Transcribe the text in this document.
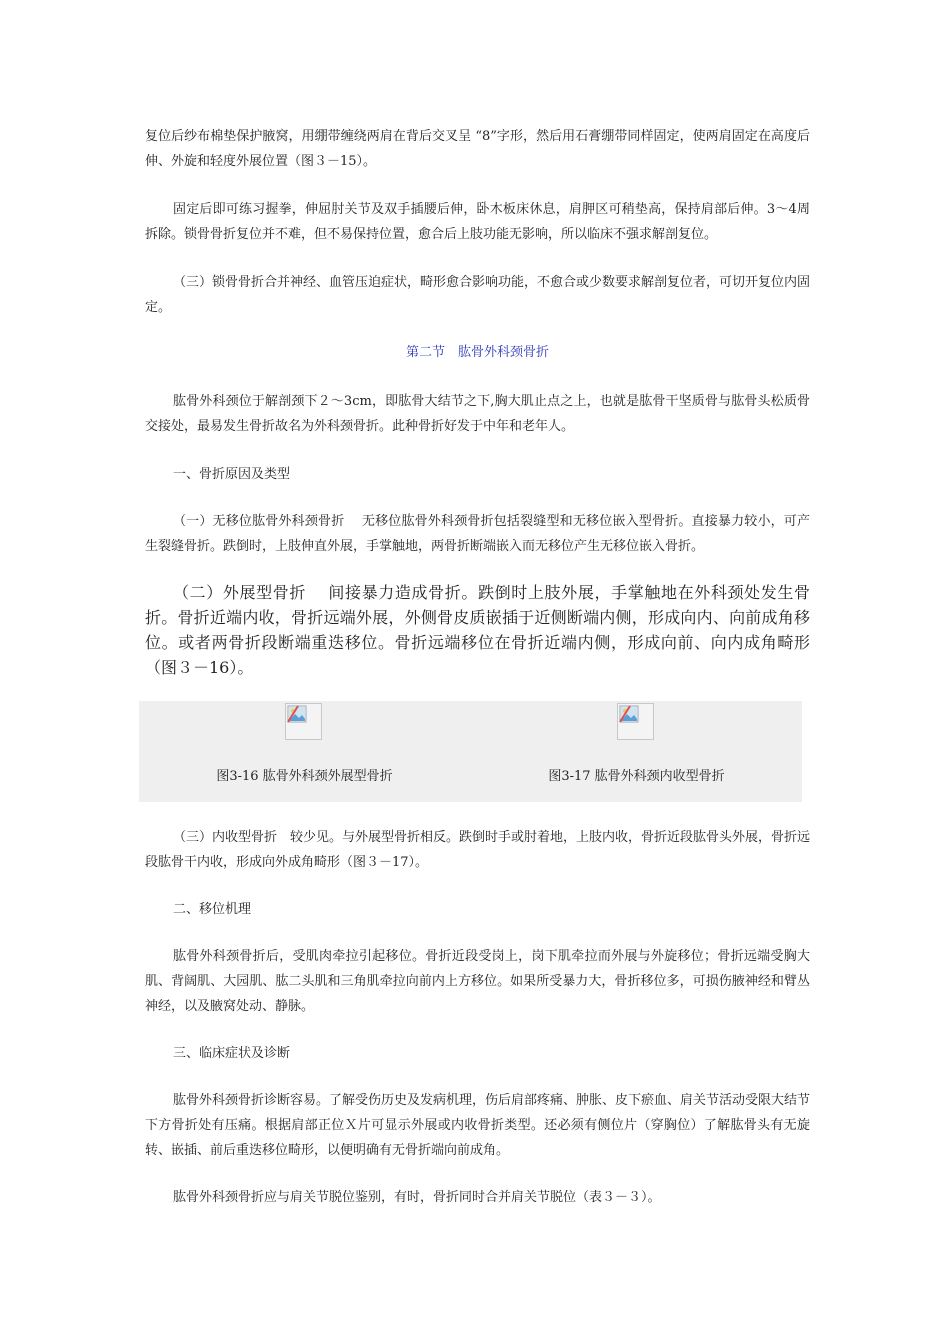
复位后纱布棉垫保护腋窝，用绷带缠绕两肩在背后交叉呈 “8”字形，然后用石膏绷带同样固定，使两肩固定在高度后伸、外旋和轻度外展位置（图３－15）。

固定后即可练习握拳，伸屈肘关节及双手插腰后伸，卧木板床休息，肩胛区可稍垫高，保持肩部后伸。3～4周拆除。锁骨骨折复位并不难，但不易保持位置，愈合后上肢功能无影响，所以临床不强求解剖复位。

（三）锁骨骨折合并神经、血管压迫症状，畸形愈合影响功能，不愈合或少数要求解剖复位者，可切开复位内固定。

第二节　肱骨外科颈骨折

肱骨外科颈位于解剖颈下２～3cm，即肱骨大结节之下,胸大肌止点之上，也就是肱骨干坚质骨与肱骨头松质骨交接处，最易发生骨折故名为外科颈骨折。此种骨折好发于中年和老年人。

一、骨折原因及类型

（一）无移位肱骨外科颈骨折 　无移位肱骨外科颈骨折包括裂缝型和无移位嵌入型骨折。直接暴力较小，可产生裂缝骨折。跌倒时，上肢伸直外展，手掌触地，两骨折断端嵌入而无移位产生无移位嵌入骨折。

（二）外展型骨折 　间接暴力造成骨折。跌倒时上肢外展，手掌触地在外科颈处发生骨折。骨折近端内收，骨折远端外展，外侧骨皮质嵌插于近侧断端内侧，形成向内、向前成角移位。或者两骨折段断端重迭移位。骨折远端移位在骨折近端内侧，形成向前、向内成角畸形（图３－16）。

图3-16 肱骨外科颈外展型骨折	图3-17 肱骨外科颈内收型骨折

（三）内收型骨折　较少见。与外展型骨折相反。跌倒时手或肘着地，上肢内收，骨折近段肱骨头外展，骨折远段肱骨干内收，形成向外成角畸形（图３－17）。

二、移位机理

肱骨外科颈骨折后，受肌肉牵拉引起移位。骨折近段受岗上，岗下肌牵拉而外展与外旋移位；骨折远端受胸大肌、背阔肌、大园肌、肱二头肌和三角肌牵拉向前内上方移位。如果所受暴力大，骨折移位多，可损伤腋神经和臂丛神经，以及腋窝处动、静脉。

三、临床症状及诊断

肱骨外科颈骨折诊断容易。了解受伤历史及发病机理，伤后肩部疼痛、肿胀、皮下瘀血、肩关节活动受限大结节下方骨折处有压痛。根据肩部正位Ｘ片可显示外展或内收骨折类型。还必须有侧位片（穿胸位）了解肱骨头有无旋转、嵌插、前后重迭移位畸形，以便明确有无骨折端向前成角。

肱骨外科颈骨折应与肩关节脱位鉴别，有时，骨折同时合并肩关节脱位（表３－３）。
